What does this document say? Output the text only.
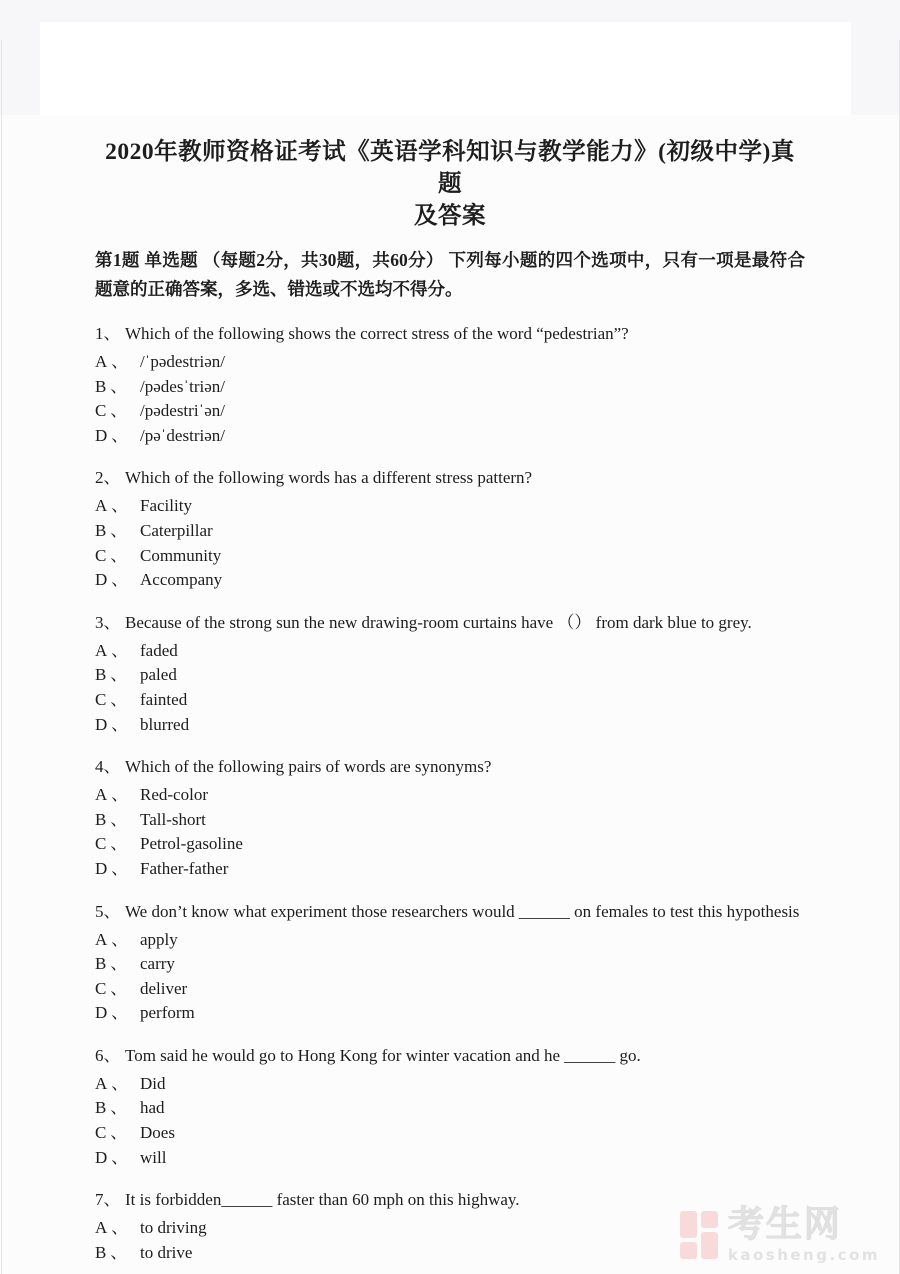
2020年教师资格证考试《英语学科知识与教学能力》(初级中学)真题
及答案

第1题 单选题 （每题2分，共30题，共60分） 下列每小题的四个选项中，只有一项是最符合题意的正确答案，多选、错选或不选均不得分。

1、 Which of the following shows the correct stress of the word “pedestrian”?
A、 /ˈpədestriən/
B、 /pədesˈtriən/
C、 /pədestriˈən/
D、 /pəˈdestriən/
2、 Which of the following words has a different stress pattern?
A、 Facility
B、 Caterpillar
C、 Community
D、 Accompany
3、 Because of the strong sun the new drawing-room curtains have （） from dark blue to grey.
A、 faded
B、 paled
C、 fainted
D、 blurred
4、 Which of the following pairs of words are synonyms?
A、 Red-color
B、 Tall-short
C、 Petrol-gasoline
D、 Father-father
5、 We don’t know what experiment those researchers would ______ on females to test this hypothesis
A、 apply
B、 carry
C、 deliver
D、 perform
6、 Tom said he would go to Hong Kong for winter vacation and he ______ go.
A、 Did
B、 had
C、 Does
D、 will
7、 It is forbidden______ faster than 60 mph on this highway.
A、 to driving
B、 to drive
考生网
kaosheng.com
